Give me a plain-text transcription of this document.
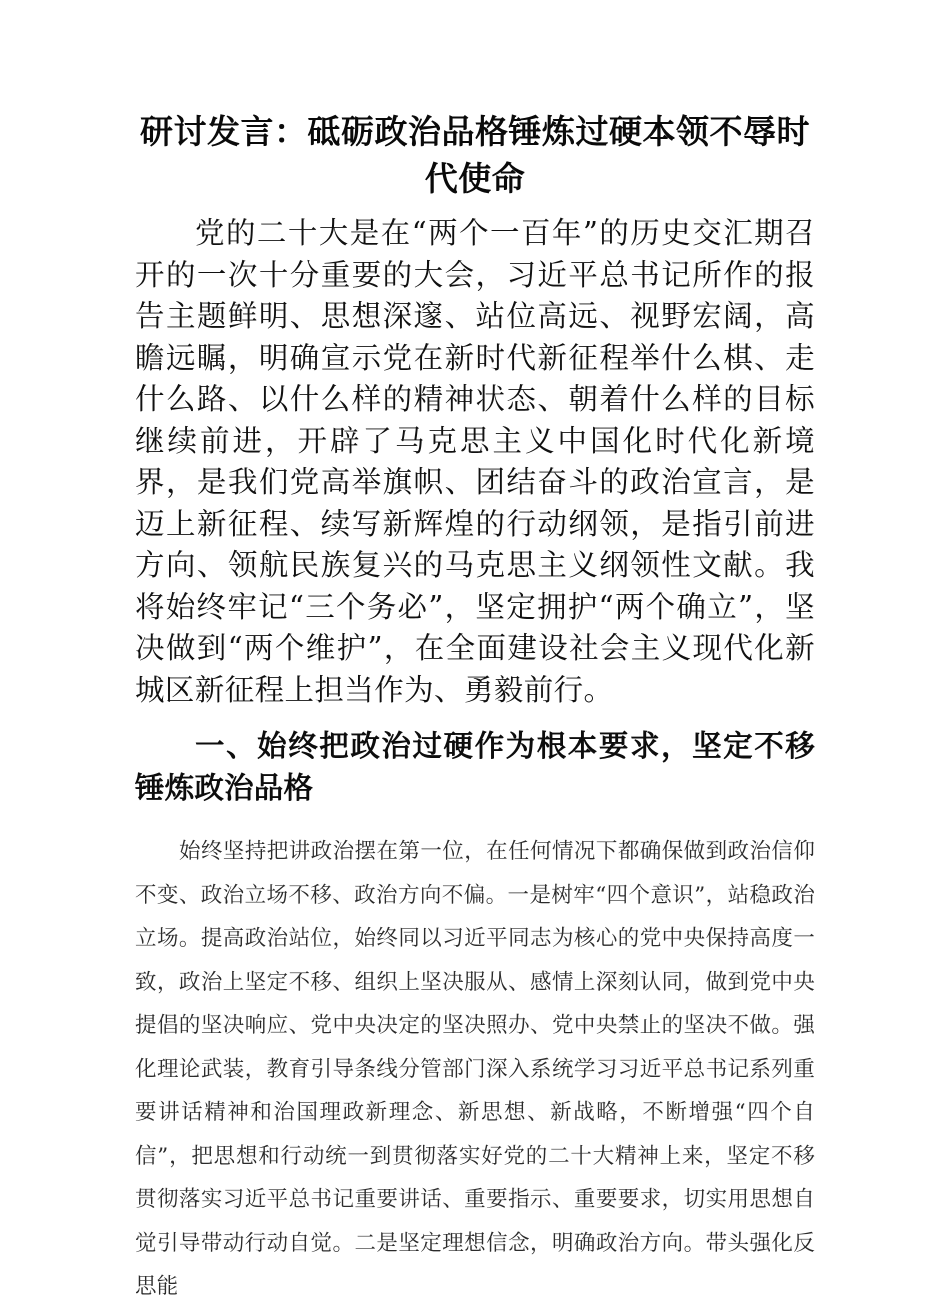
研讨发言：砥砺政治品格锤炼过硬本领不辱时代使命

党的二十大是在“两个一百年”的历史交汇期召开的一次十分重要的大会，习近平总书记所作的报告主题鲜明、思想深邃、站位高远、视野宏阔，高瞻远瞩，明确宣示党在新时代新征程举什么棋、走什么路、以什么样的精神状态、朝着什么样的目标继续前进，开辟了马克思主义中国化时代化新境界，是我们党高举旗帜、团结奋斗的政治宣言，是迈上新征程、续写新辉煌的行动纲领，是指引前进方向、领航民族复兴的马克思主义纲领性文献。我将始终牢记“三个务必”，坚定拥护“两个确立”，坚决做到“两个维护”，在全面建设社会主义现代化新城区新征程上担当作为、勇毅前行。

一、始终把政治过硬作为根本要求，坚定不移锤炼政治品格

始终坚持把讲政治摆在第一位，在任何情况下都确保做到政治信仰不变、政治立场不移、政治方向不偏。一是树牢“四个意识”，站稳政治立场。提高政治站位，始终同以习近平同志为核心的党中央保持高度一致，政治上坚定不移、组织上坚决服从、感情上深刻认同，做到党中央提倡的坚决响应、党中央决定的坚决照办、党中央禁止的坚决不做。强化理论武装，教育引导条线分管部门深入系统学习习近平总书记系列重要讲话精神和治国理政新理念、新思想、新战略，不断增强“四个自信”，把思想和行动统一到贯彻落实好党的二十大精神上来，坚定不移贯彻落实习近平总书记重要讲话、重要指示、重要要求，切实用思想自觉引导带动行动自觉。二是坚定理想信念，明确政治方向。带头强化反思能
